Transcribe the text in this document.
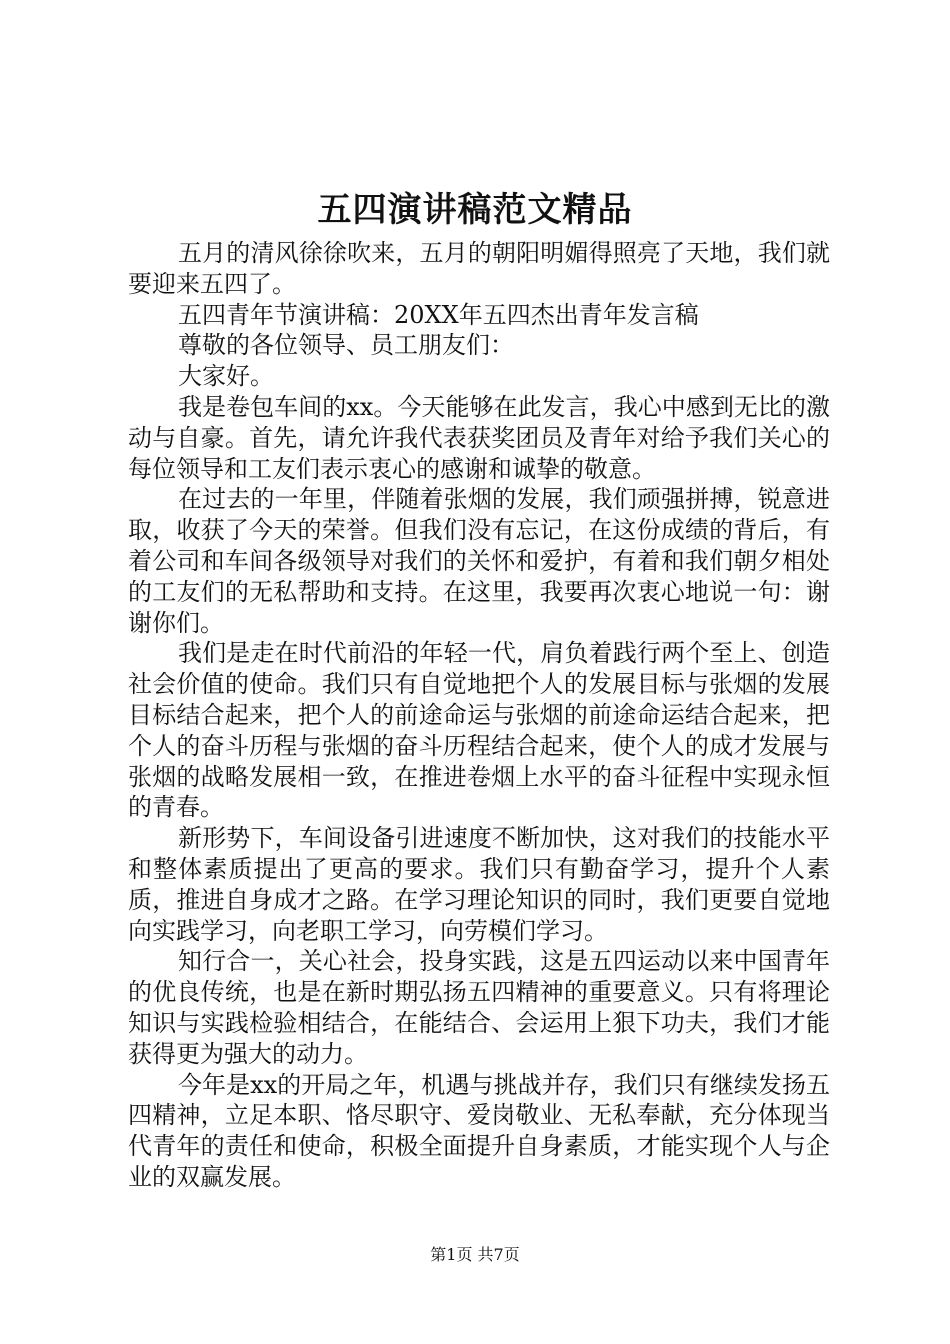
五四演讲稿范文精品

五月的清风徐徐吹来，五月的朝阳明媚得照亮了天地，我们就要迎来五四了。

五四青年节演讲稿：20XX年五四杰出青年发言稿

尊敬的各位领导、员工朋友们：

大家好。

我是卷包车间的xx。今天能够在此发言，我心中感到无比的激动与自豪。首先，请允许我代表获奖团员及青年对给予我们关心的每位领导和工友们表示衷心的感谢和诚挚的敬意。

在过去的一年里，伴随着张烟的发展，我们顽强拼搏，锐意进取，收获了今天的荣誉。但我们没有忘记，在这份成绩的背后，有着公司和车间各级领导对我们的关怀和爱护，有着和我们朝夕相处的工友们的无私帮助和支持。在这里，我要再次衷心地说一句：谢谢你们。

我们是走在时代前沿的年轻一代，肩负着践行两个至上、创造社会价值的使命。我们只有自觉地把个人的发展目标与张烟的发展目标结合起来，把个人的前途命运与张烟的前途命运结合起来，把个人的奋斗历程与张烟的奋斗历程结合起来，使个人的成才发展与张烟的战略发展相一致，在推进卷烟上水平的奋斗征程中实现永恒的青春。

新形势下，车间设备引进速度不断加快，这对我们的技能水平和整体素质提出了更高的要求。我们只有勤奋学习，提升个人素质，推进自身成才之路。在学习理论知识的同时，我们更要自觉地向实践学习，向老职工学习，向劳模们学习。

知行合一，关心社会，投身实践，这是五四运动以来中国青年的优良传统，也是在新时期弘扬五四精神的重要意义。只有将理论知识与实践检验相结合，在能结合、会运用上狠下功夫，我们才能获得更为强大的动力。

今年是xx的开局之年，机遇与挑战并存，我们只有继续发扬五四精神，立足本职、恪尽职守、爱岗敬业、无私奉献，充分体现当代青年的责任和使命，积极全面提升自身素质，才能实现个人与企业的双赢发展。

第1页 共7页
